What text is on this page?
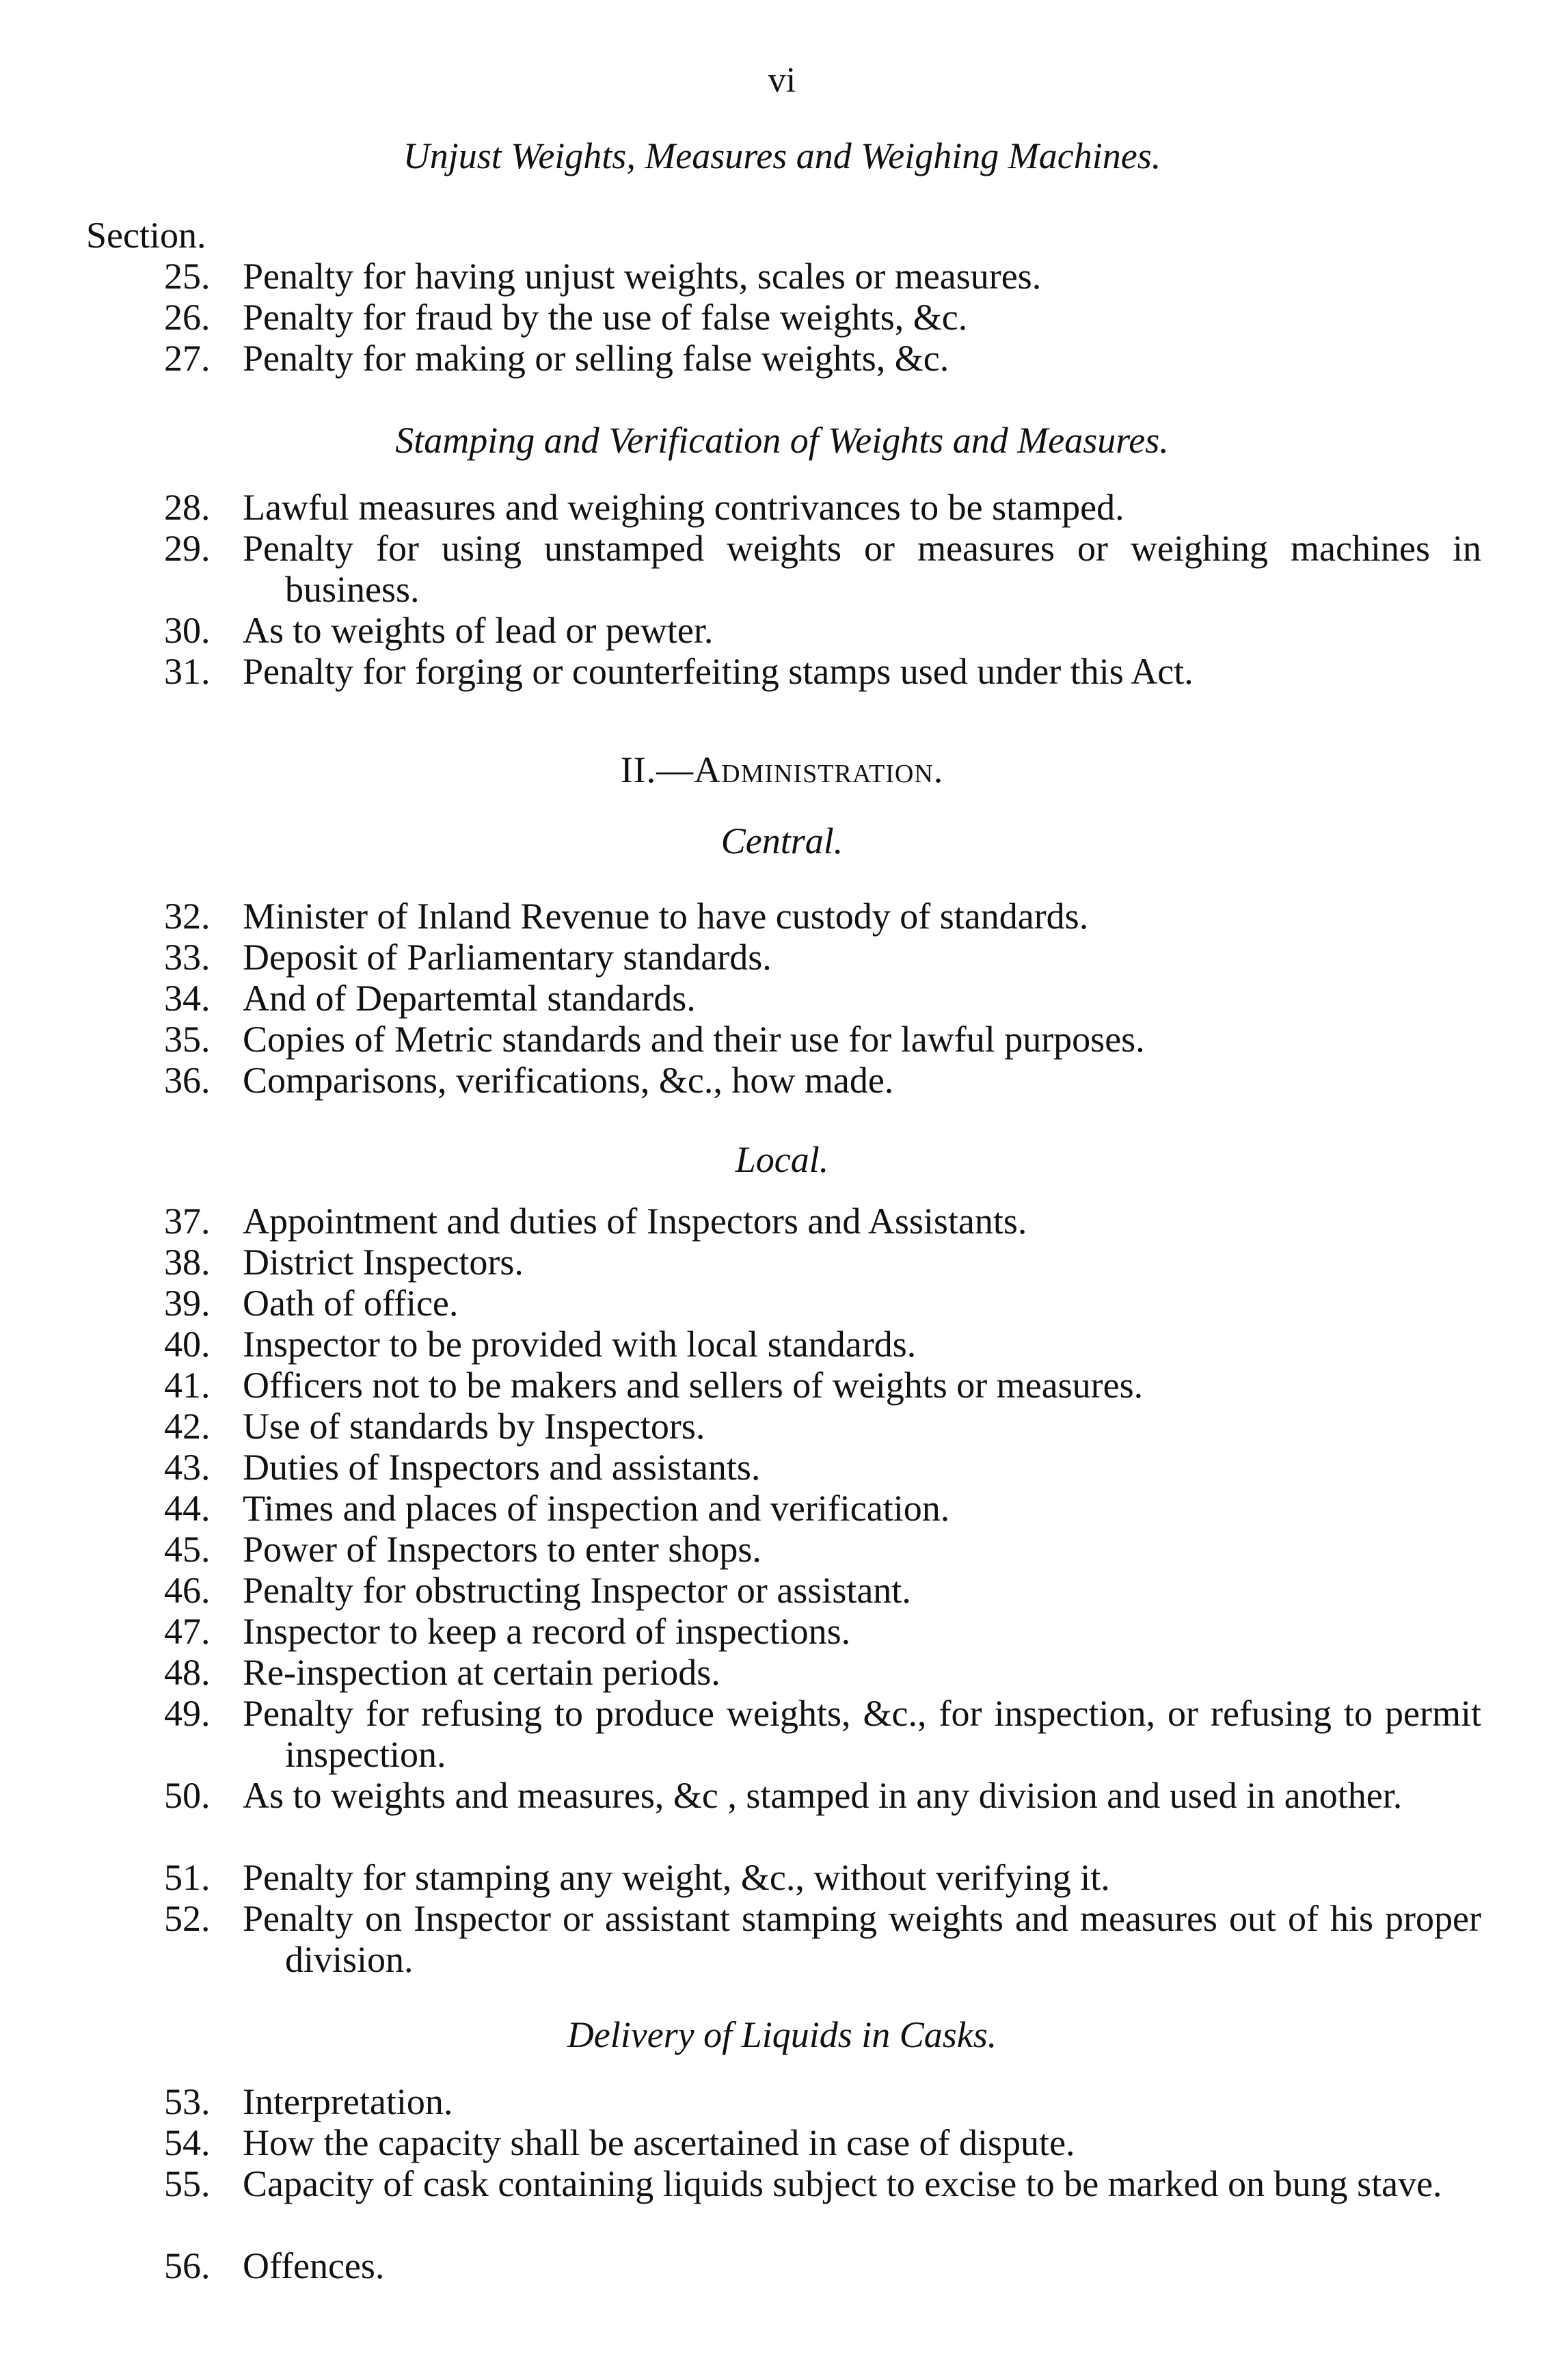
vi
Unjust Weights, Measures and Weighing Machines.
Section.
25. Penalty for having unjust weights, scales or measures.
26. Penalty for fraud by the use of false weights, &c.
27. Penalty for making or selling false weights, &c.
Stamping and Verification of Weights and Measures.
28. Lawful measures and weighing contrivances to be stamped.
29. Penalty for using unstamped weights or measures or weighing machines in business.
30. As to weights of lead or pewter.
31. Penalty for forging or counterfeiting stamps used under this Act.
II.—Administration.
Central.
32. Minister of Inland Revenue to have custody of standards.
33. Deposit of Parliamentary standards.
34. And of Departemtal standards.
35. Copies of Metric standards and their use for lawful purposes.
36. Comparisons, verifications, &c., how made.
Local.
37. Appointment and duties of Inspectors and Assistants.
38. District Inspectors.
39. Oath of office.
40. Inspector to be provided with local standards.
41. Officers not to be makers and sellers of weights or measures.
42. Use of standards by Inspectors.
43. Duties of Inspectors and assistants.
44. Times and places of inspection and verification.
45. Power of Inspectors to enter shops.
46. Penalty for obstructing Inspector or assistant.
47. Inspector to keep a record of inspections.
48. Re-inspection at certain periods.
49. Penalty for refusing to produce weights, &c., for inspection, or refusing to permit inspection.
50. As to weights and measures, &c , stamped in any division and used in another.
51. Penalty for stamping any weight, &c., without verifying it.
52. Penalty on Inspector or assistant stamping weights and measures out of his proper division.
Delivery of Liquids in Casks.
53. Interpretation.
54. How the capacity shall be ascertained in case of dispute.
55. Capacity of cask containing liquids subject to excise to be marked on bung stave.
56. Offences.
